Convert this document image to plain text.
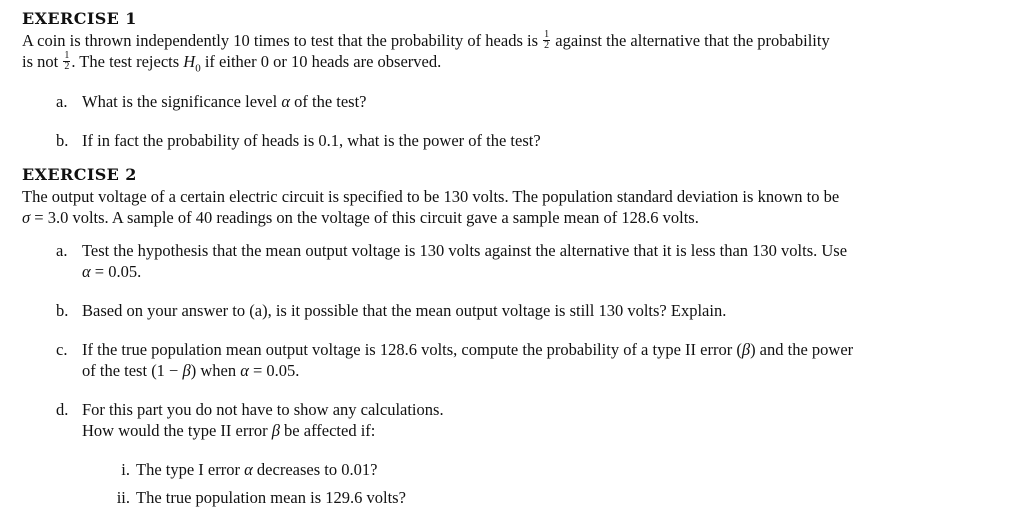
EXERCISE 1

A coin is thrown independently 10 times to test that the probability of heads is $\frac{1}{2}$ against the alternative that the probability
is not $\frac{1}{2}$ . The test rejects $H_0$ if either 0 or 10 heads are observed.

a. What is the significance level α of the test?

b. If in fact the probability of heads is 0.1, what is the power of the test?

EXERCISE 2

The output voltage of a certain electric circuit is specified to be 130 volts. The population standard deviation is known to be
σ = 3.0 volts. A sample of 40 readings on the voltage of this circuit gave a sample mean of 128.6 volts.

a. Test the hypothesis that the mean output voltage is 130 volts against the alternative that it is less than 130 volts. Use
α = 0.05.

b. Based on your answer to (a), is it possible that the mean output voltage is still 130 volts? Explain.

c. If the true population mean output voltage is 128.6 volts, compute the probability of a type II error (β) and the power
of the test (1 − β) when α = 0.05.

d. For this part you do not have to show any calculations.
How would the type II error β be affected if:

i. The type I error α decreases to 0.01?

ii. The true population mean is 129.6 volts?
